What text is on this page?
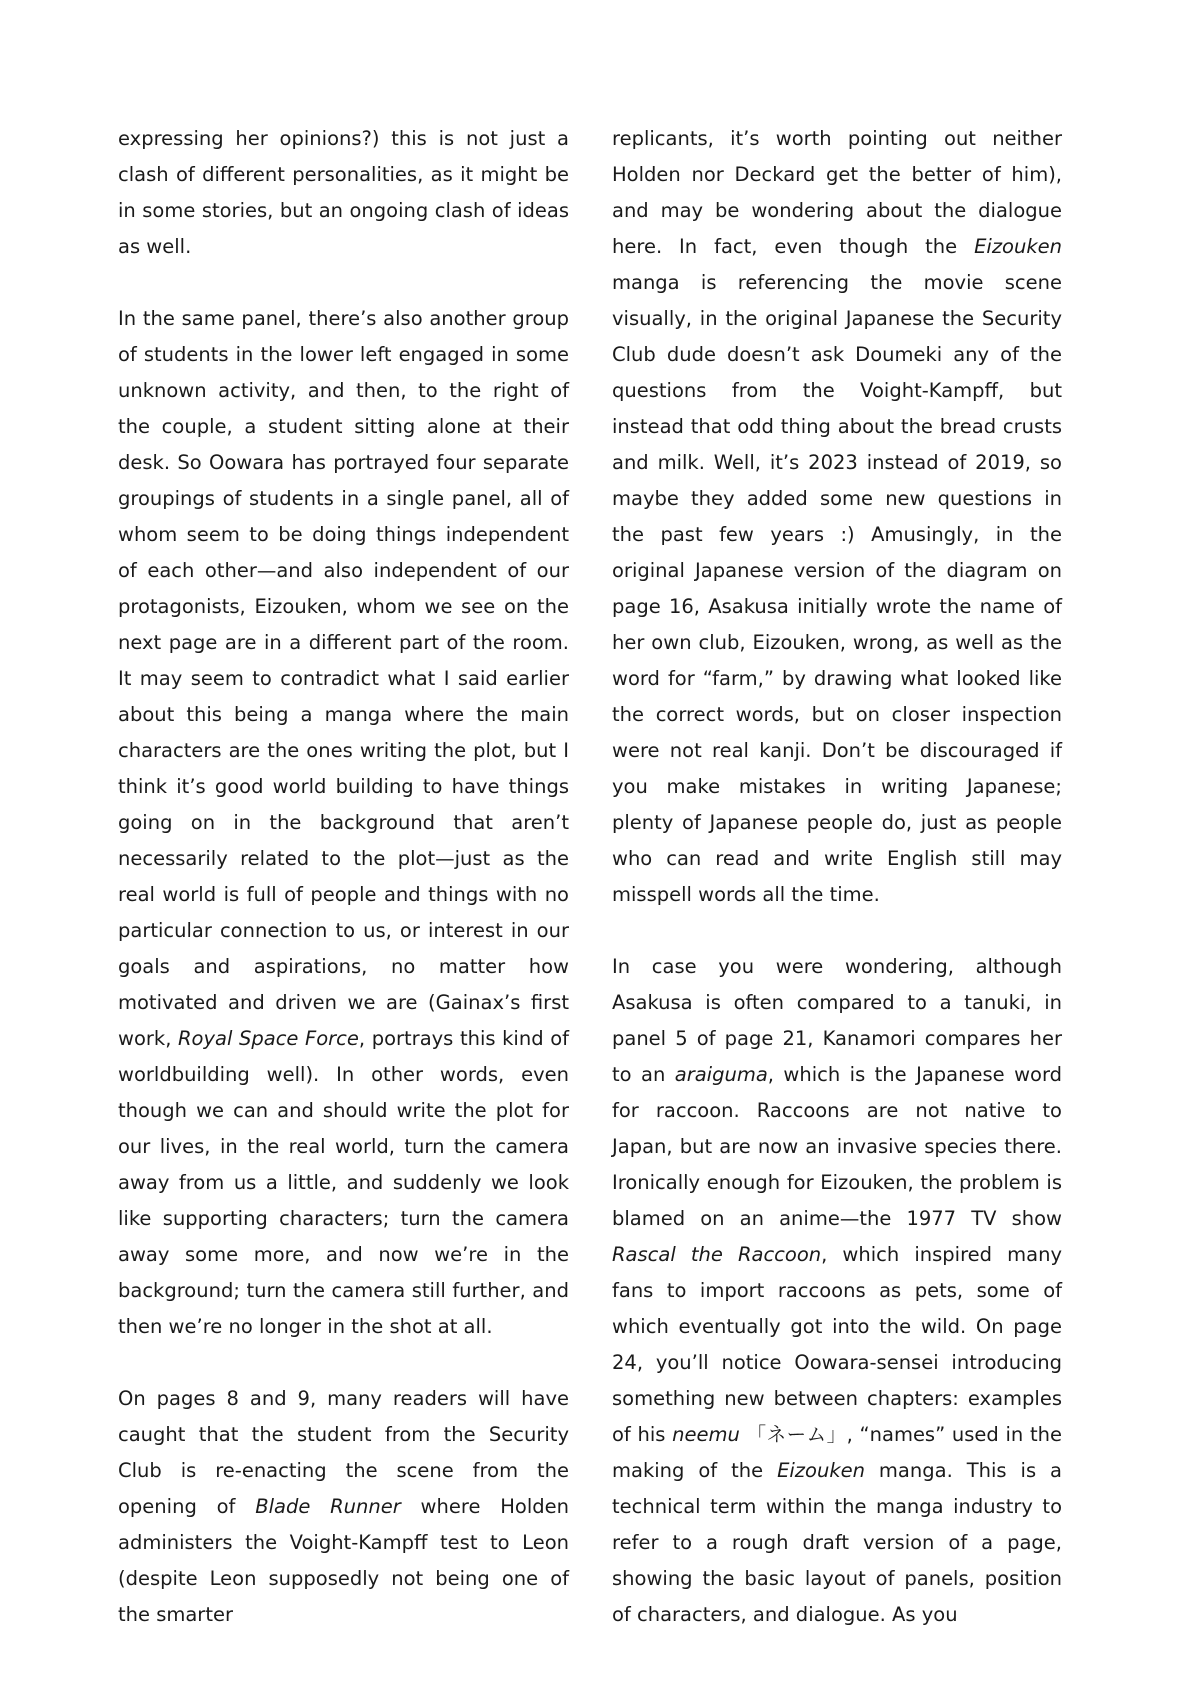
expressing her opinions?) this is not just a clash of different personalities, as it might be in some stories, but an ongoing clash of ideas as well.

In the same panel, there’s also another group of students in the lower left engaged in some unknown activity, and then, to the right of the couple, a student sitting alone at their desk. So Oowara has portrayed four separate groupings of students in a single panel, all of whom seem to be doing things independent of each other—and also independent of our protagonists, Eizouken, whom we see on the next page are in a different part of the room. It may seem to contradict what I said earlier about this being a manga where the main characters are the ones writing the plot, but I think it’s good world building to have things going on in the background that aren’t necessarily related to the plot—just as the real world is full of people and things with no particular connection to us, or interest in our goals and aspirations, no matter how motivated and driven we are (Gainax’s first work, Royal Space Force, portrays this kind of worldbuilding well). In other words, even though we can and should write the plot for our lives, in the real world, turn the camera away from us a little, and suddenly we look like supporting characters; turn the camera away some more, and now we’re in the background; turn the camera still further, and then we’re no longer in the shot at all.

On pages 8 and 9, many readers will have caught that the student from the Security Club is re-enacting the scene from the opening of Blade Runner where Holden administers the Voight-Kampff test to Leon (despite Leon supposedly not being one of the smarter

replicants, it’s worth pointing out neither Holden nor Deckard get the better of him), and may be wondering about the dialogue here. In fact, even though the Eizouken manga is referencing the movie scene visually, in the original Japanese the Security Club dude doesn’t ask Doumeki any of the questions from the Voight-Kampff, but instead that odd thing about the bread crusts and milk. Well, it’s 2023 instead of 2019, so maybe they added some new questions in the past few years :) Amusingly, in the original Japanese version of the diagram on page 16, Asakusa initially wrote the name of her own club, Eizouken, wrong, as well as the word for “farm,” by drawing what looked like the correct words, but on closer inspection were not real kanji. Don’t be discouraged if you make mistakes in writing Japanese; plenty of Japanese people do, just as people who can read and write English still may misspell words all the time.

In case you were wondering, although Asakusa is often compared to a tanuki, in panel 5 of page 21, Kanamori compares her to an araiguma, which is the Japanese word for raccoon. Raccoons are not native to Japan, but are now an invasive species there. Ironically enough for Eizouken, the problem is blamed on an anime—the 1977 TV show Rascal the Raccoon, which inspired many fans to import raccoons as pets, some of which eventually got into the wild. On page 24, you’ll notice Oowara-sensei introducing something new between chapters: examples of his neemu 「ネーム」, “names” used in the making of the Eizouken manga. This is a technical term within the manga industry to refer to a rough draft version of a page, showing the basic layout of panels, position of characters, and dialogue. As you
